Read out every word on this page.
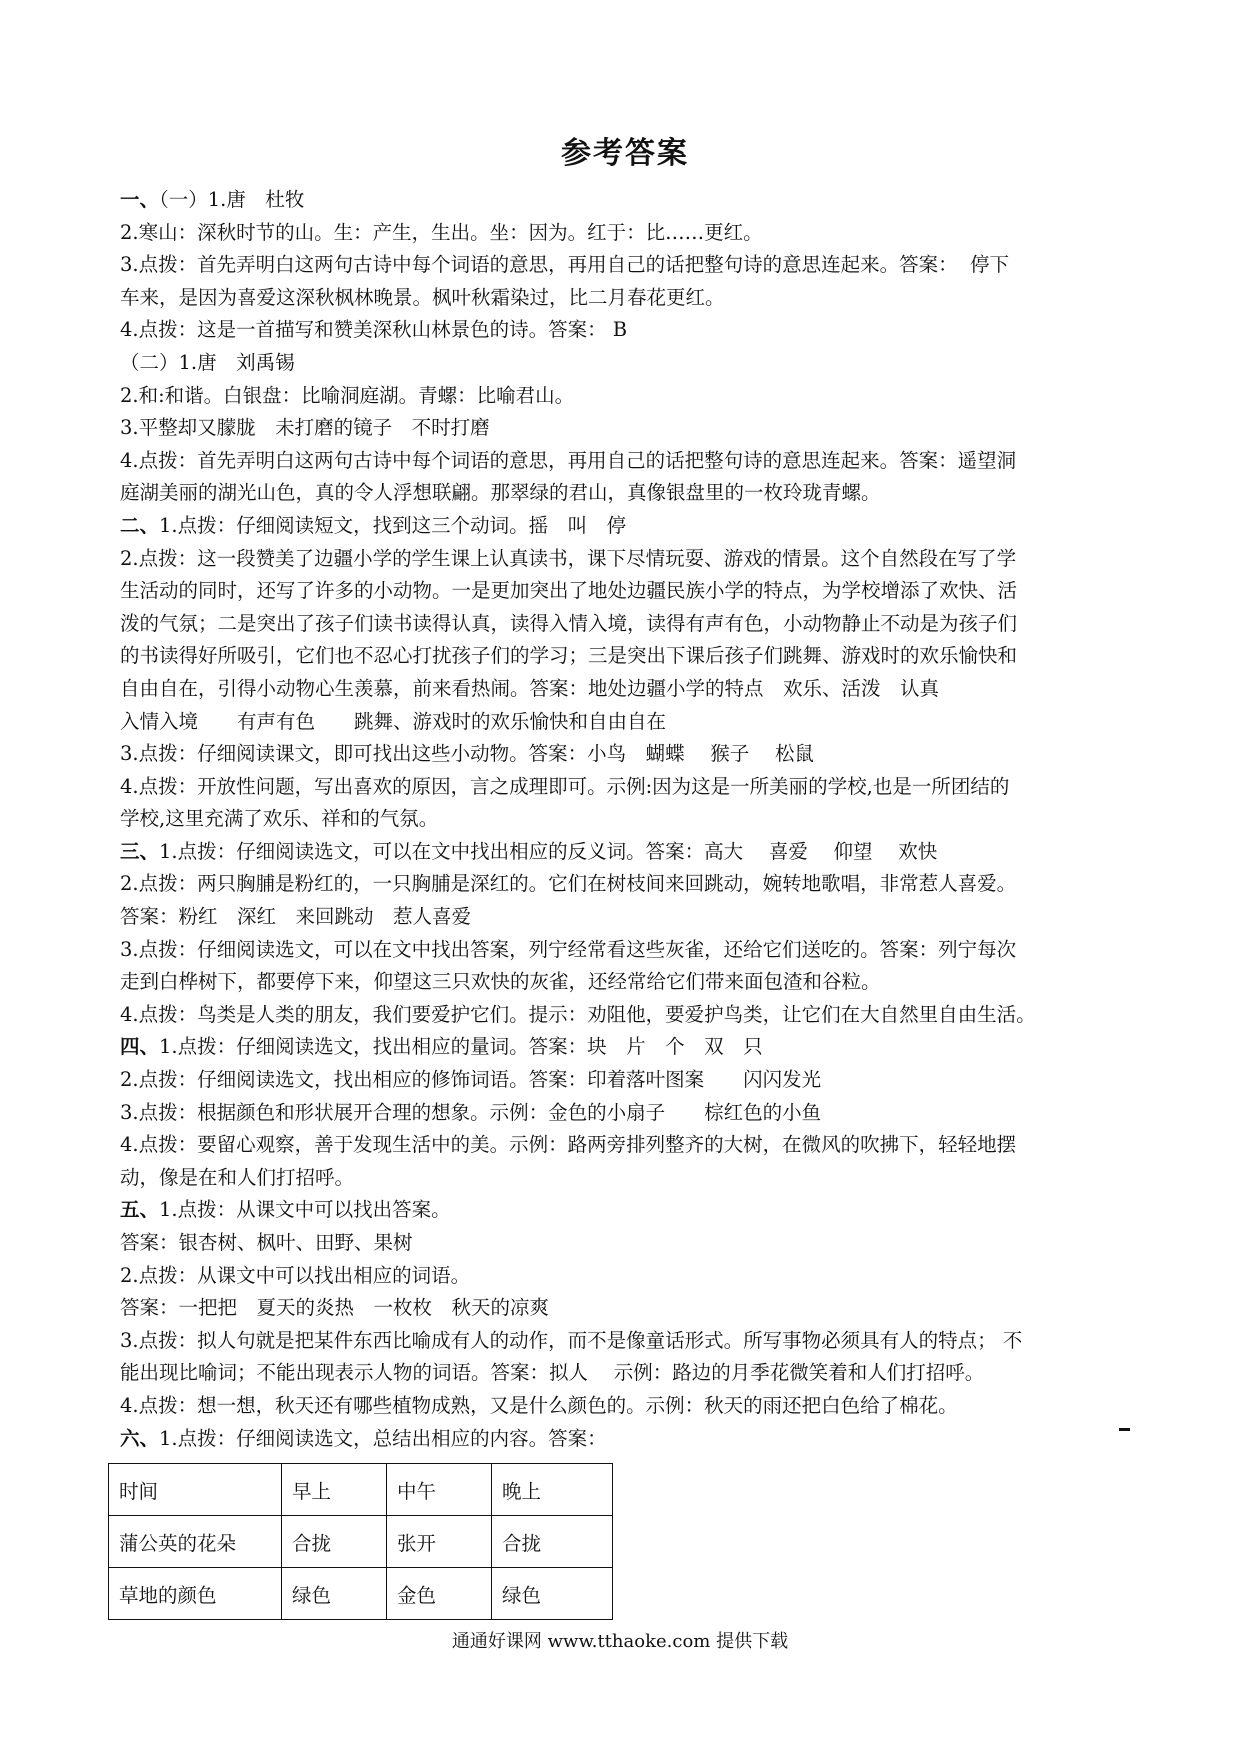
参考答案
一、（一）1.唐　杜牧
2.寒山：深秋时节的山。生：产生，生出。坐：因为。红于：比……更红。
3.点拨：首先弄明白这两句古诗中每个词语的意思，再用自己的话把整句诗的意思连起来。答案：  停下
车来，是因为喜爱这深秋枫林晚景。枫叶秋霜染过，比二月春花更红。
4.点拨：这是一首描写和赞美深秋山林景色的诗。答案： B
（二）1.唐　刘禹锡
2.和:和谐。白银盘：比喻洞庭湖。青螺：比喻君山。
3.平整却又朦胧　未打磨的镜子　不时打磨
4.点拨：首先弄明白这两句古诗中每个词语的意思，再用自己的话把整句诗的意思连起来。答案：遥望洞
庭湖美丽的湖光山色，真的令人浮想联翩。那翠绿的君山，真像银盘里的一枚玲珑青螺。
二、1.点拨：仔细阅读短文，找到这三个动词。摇　叫　停
2.点拨：这一段赞美了边疆小学的学生课上认真读书，课下尽情玩耍、游戏的情景。这个自然段在写了学
生活动的同时，还写了许多的小动物。一是更加突出了地处边疆民族小学的特点，为学校增添了欢快、活
泼的气氛；二是突出了孩子们读书读得认真，读得入情入境，读得有声有色，小动物静止不动是为孩子们
的书读得好所吸引，它们也不忍心打扰孩子们的学习；三是突出下课后孩子们跳舞、游戏时的欢乐愉快和
自由自在，引得小动物心生羡慕，前来看热闹。答案：地处边疆小学的特点　欢乐、活泼　认真
入情入境　　有声有色　　跳舞、游戏时的欢乐愉快和自由自在
3.点拨：仔细阅读课文，即可找出这些小动物。答案：小鸟　蝴蝶　 猴子　 松鼠
4.点拨：开放性问题，写出喜欢的原因，言之成理即可。示例:因为这是一所美丽的学校,也是一所团结的
学校,这里充满了欢乐、祥和的气氛。
三、1.点拨：仔细阅读选文，可以在文中找出相应的反义词。答案：高大　 喜爱　 仰望　 欢快
2.点拨：两只胸脯是粉红的，一只胸脯是深红的。它们在树枝间来回跳动，婉转地歌唱，非常惹人喜爱。
答案：粉红　深红　来回跳动　惹人喜爱
3.点拨：仔细阅读选文，可以在文中找出答案，列宁经常看这些灰雀，还给它们送吃的。答案：列宁每次
走到白桦树下，都要停下来，仰望这三只欢快的灰雀，还经常给它们带来面包渣和谷粒。
4.点拨：鸟类是人类的朋友，我们要爱护它们。提示：劝阻他，要爱护鸟类，让它们在大自然里自由生活。
四、1.点拨：仔细阅读选文，找出相应的量词。答案：块　片　个　双　只
2.点拨：仔细阅读选文，找出相应的修饰词语。答案：印着落叶图案　　闪闪发光
3.点拨：根据颜色和形状展开合理的想象。示例：金色的小扇子　　棕红色的小鱼
4.点拨：要留心观察，善于发现生活中的美。示例：路两旁排列整齐的大树，在微风的吹拂下，轻轻地摆
动，像是在和人们打招呼。
五、1.点拨：从课文中可以找出答案。
答案：银杏树、枫叶、田野、果树
2.点拨：从课文中可以找出相应的词语。
答案：一把把　夏天的炎热　一枚枚　秋天的凉爽
3.点拨：拟人句就是把某件东西比喻成有人的动作，而不是像童话形式。所写事物必须具有人的特点； 不
能出现比喻词；不能出现表示人物的词语。答案：拟人　 示例：路边的月季花微笑着和人们打招呼。
4.点拨：想一想，秋天还有哪些植物成熟，又是什么颜色的。示例：秋天的雨还把白色给了棉花。
六、1.点拨：仔细阅读选文，总结出相应的内容。答案：
时间	早上	中午	晚上
蒲公英的花朵	合拢	张开	合拢
草地的颜色	绿色	金色	绿色
通通好课网 www.tthaoke.com 提供下载
